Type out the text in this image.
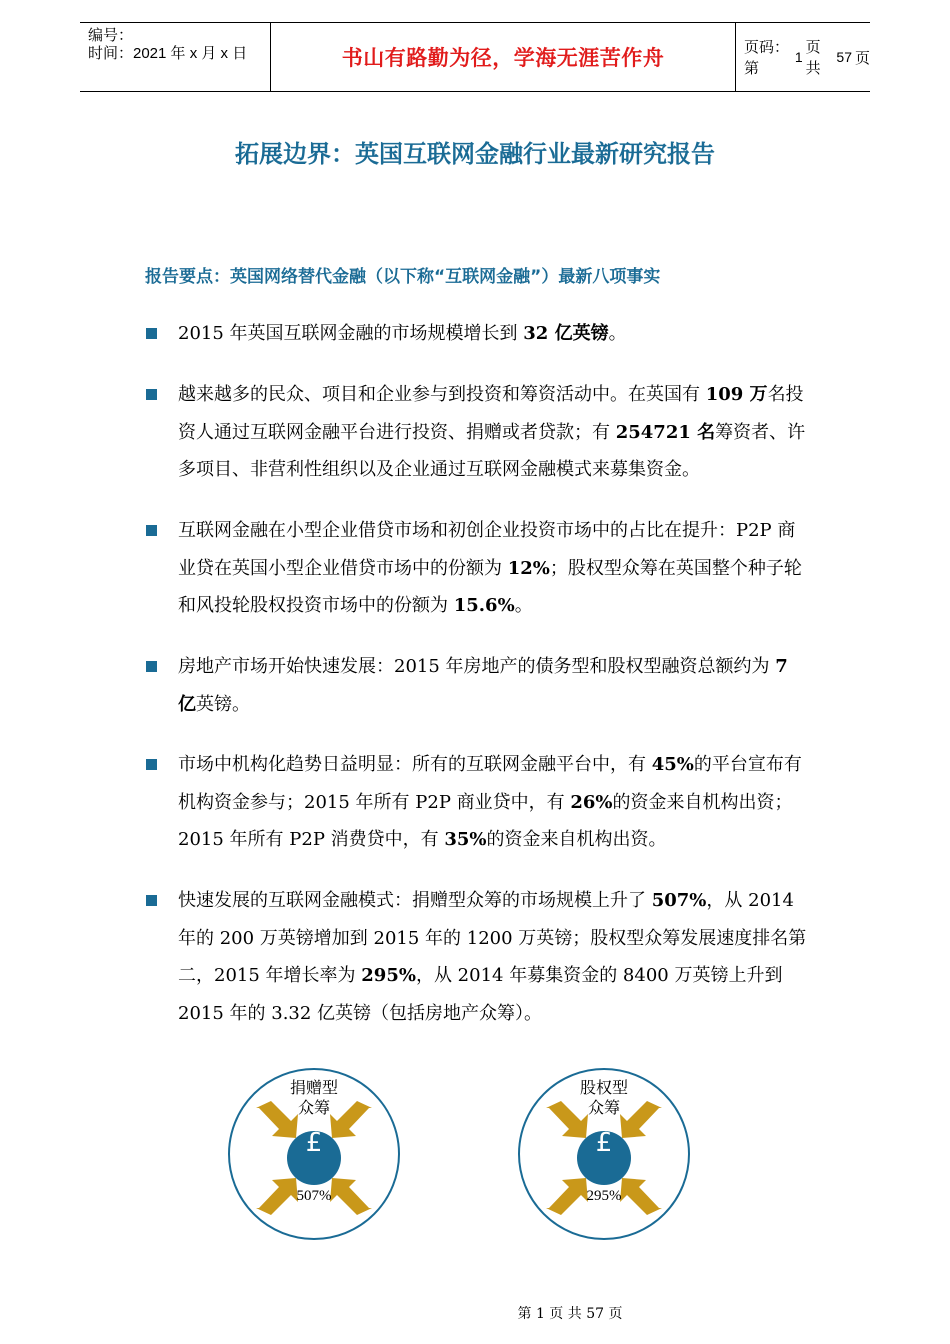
编号：
时间：2021 年 x 月 x 日	书山有路勤为径，学海无涯苦作舟	页码：第
1
页 共
57 页
拓展边界：英国互联网金融行业最新研究报告
报告要点：英国网络替代金融（以下称“互联网金融”）最新八项事实
2015 年英国互联网金融的市场规模增长到 32 亿英镑。
越来越多的民众、项目和企业参与到投资和筹资活动中。在英国有 109 万名投资人通过互联网金融平台进行投资、捐赠或者贷款；有 254721 名筹资者、许多项目、非营利性组织以及企业通过互联网金融模式来募集资金。
互联网金融在小型企业借贷市场和初创企业投资市场中的占比在提升：P2P 商业贷在英国小型企业借贷市场中的份额为 12%；股权型众筹在英国整个种子轮和风投轮股权投资市场中的份额为 15.6%。
房地产市场开始快速发展：2015 年房地产的债务型和股权型融资总额约为 7 亿英镑。
市场中机构化趋势日益明显：所有的互联网金融平台中，有 45%的平台宣布有机构资金参与；2015 年所有 P2P 商业贷中，有 26%的资金来自机构出资；2015 年所有 P2P 消费贷中，有 35%的资金来自机构出资。
快速发展的互联网金融模式：捐赠型众筹的市场规模上升了 507%，从 2014 年的 200 万英镑增加到 2015 年的 1200 万英镑；股权型众筹发展速度排名第二，2015 年增长率为 295%，从 2014 年募集资金的 8400 万英镑上升到 2015 年的 3.32 亿英镑（包括房地产众筹）。
捐赠型
众筹
£
507%
股权型
众筹
£
295%
第 1 页 共 57 页
